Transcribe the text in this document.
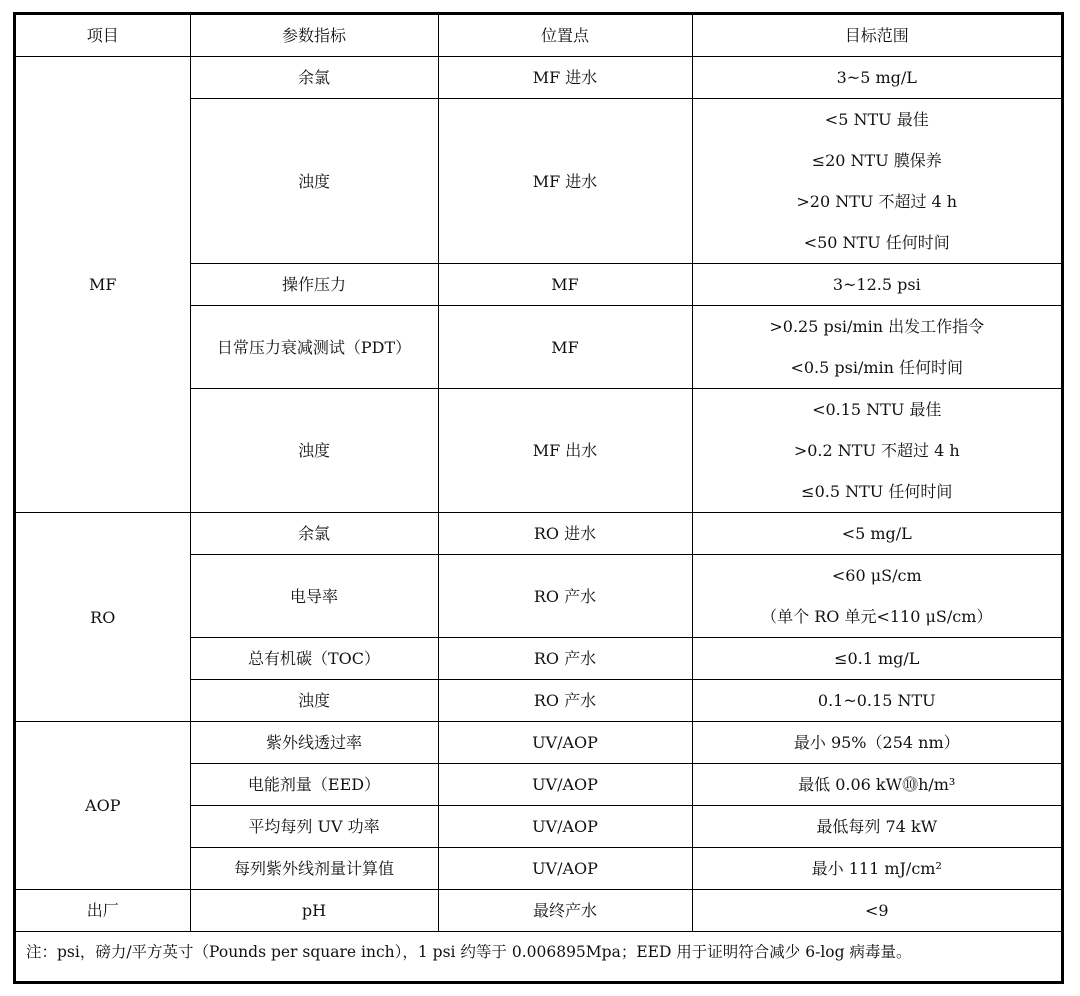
项目	参数指标	位置点	目标范围
MF	余氯	MF 进水	3~5 mg/L

	浊度	MF 进水	<5 NTU 最佳
≤20 NTU 膜保养
>20 NTU 不超过 4 h
<50 NTU 任何时间

	操作压力	MF	3~12.5 psi

	日常压力衰减测试（PDT）	MF	>0.25 psi/min 出发工作指令
<0.5 psi/min 任何时间

	浊度	MF 出水	<0.15 NTU 最佳
>0.2 NTU 不超过 4 h
≤0.5 NTU 任何时间

RO	余氯	RO 进水	<5 mg/L

	电导率	RO 产水	<60 μS/cm
（单个 RO 单元<110 μS/cm）

	总有机碳（TOC）	RO 产水	≤0.1 mg/L

	浊度	RO 产水	0.1~0.15 NTU

AOP	紫外线透过率	UV/AOP	最小 95%（254 nm）

	电能剂量（EED）	UV/AOP	最低 0.06 kW⓾h/m³

	平均每列 UV 功率	UV/AOP	最低每列 74 kW

	每列紫外线剂量计算值	UV/AOP	最小 111 mJ/cm²

出厂	pH	最终产水	<9

注：psi，磅力/平方英寸（Pounds per square inch），1 psi 约等于 0.006895Mpa；EED 用于证明符合减少 6-log 病毒量。			
